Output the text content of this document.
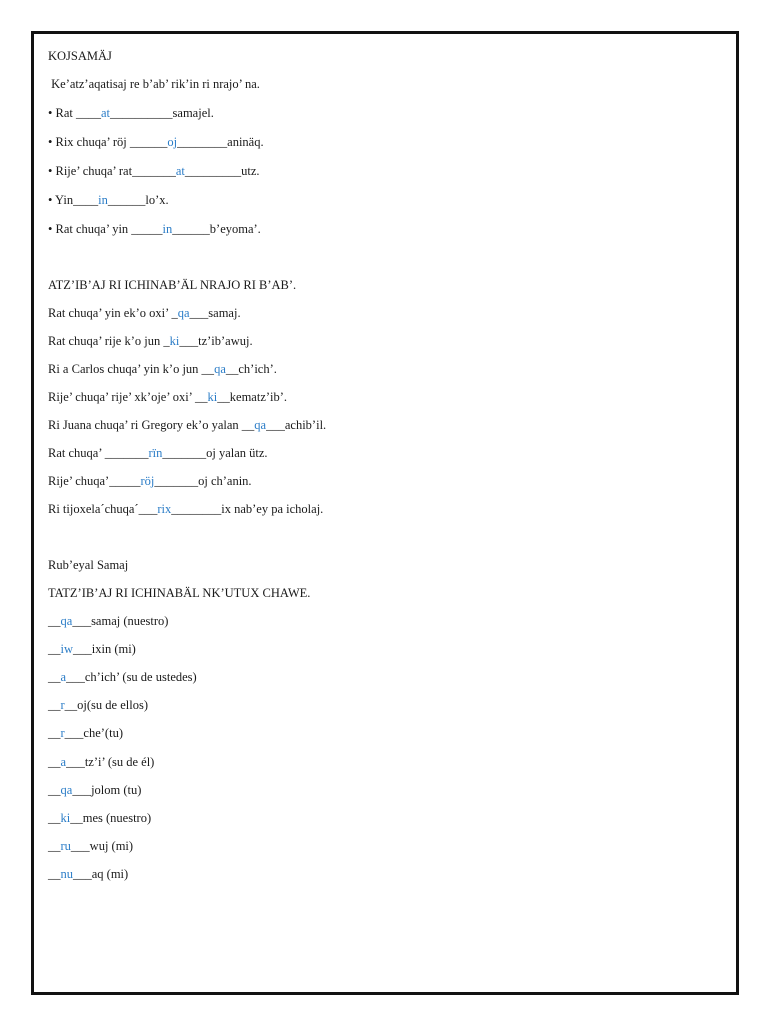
KOJSAMÄJ
Ke’atz’aqatisaj re b’ab’ rik’in ri nrajo’ na.
• Rat ____at__________samajel.
• Rix chuqa’ röj ______oj________aninäq.
• Rije’ chuqa’ rat_______at_________utz.
• Yin____in______lo’x.
• Rat chuqa’ yin _____in______b’eyoma’.
ATZ’IB’AJ RI ICHINAB’ÄL NRAJO RI B’AB’.
Rat chuqa’ yin ek’o oxi’ _qa___samaj.
Rat chuqa’ rije k’o jun _ki___tz’ib’awuj.
Ri a Carlos chuqa’ yin k’o jun __qa__ch’ich’.
Rije’ chuqa’ rije’ xk’oje’ oxi’ __ki__kematz’ib’.
Ri Juana chuqa’ ri Gregory ek’o yalan __qa___achib’il.
Rat chuqa’ _______rïn_______oj yalan ütz.
Rije’ chuqa’_____röj_______oj ch’anin.
Ri tijoxela´chuqa´___rix________ix nab’ey pa icholaj.
Rub’eyal Samaj
TATZ’IB’AJ RI ICHINABÄL NK’UTUX CHAWE.
__qa___samaj (nuestro)
__iw___ixin (mi)
__a___ch’ich’ (su de ustedes)
__r__oj(su de ellos)
__r___che’(tu)
__a___tz’i’ (su de él)
__qa___jolom (tu)
__ki__mes (nuestro)
__ru___wuj (mi)
__nu___aq (mi)
